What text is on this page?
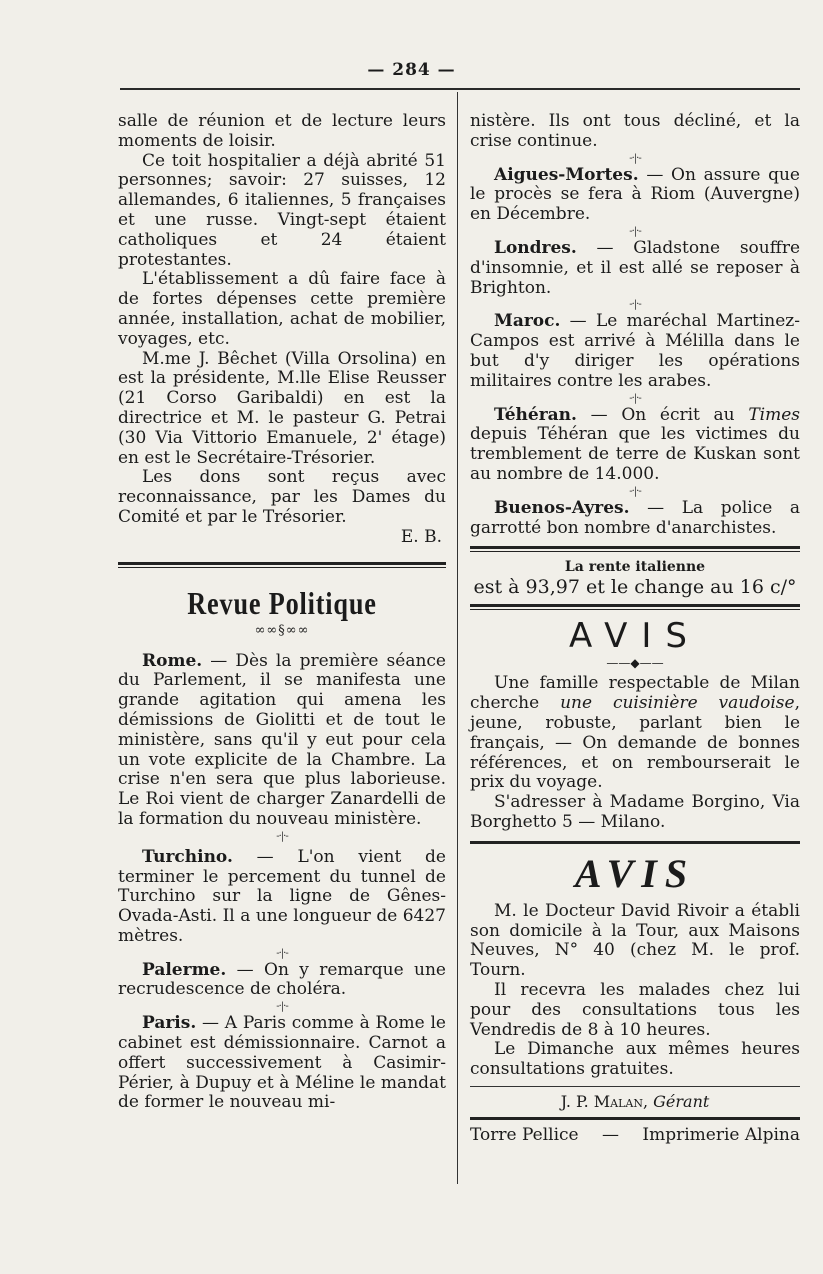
— 284 —

salle de réunion et de lecture leurs moments de loisir.

Ce toit hospitalier a déjà abrité 51 personnes; savoir: 27 suisses, 12 allemandes, 6 italiennes, 5 françaises et une russe. Vingt-sept étaient catholiques et 24 étaient protestantes.

L'établissement a dû faire face à de fortes dépenses cette première année, installation, achat de mobilier, voyages, etc.

M.me J. Bêchet (Villa Orsolina) en est la présidente, M.lle Elise Reusser (21 Corso Garibaldi) en est la directrice et M. le pasteur G. Petrai (30 Via Vittorio Emanuele, 2' étage) en est le Secrétaire-Trésorier.

Les dons sont reçus avec reconnaissance, par les Dames du Comité et par le Trésorier.

E. B.

Revue Politique
∞∞§∞∞

Rome. — Dès la première séance du Parlement, il se manifesta une grande agitation qui amena les démissions de Giolitti et de tout le ministère, sans qu'il y eut pour cela un vote explicite de la Chambre. La crise n'en sera que plus laborieuse. Le Roi vient de charger Zanardelli de la formation du nouveau ministère.

-·|·-

Turchino. — L'on vient de terminer le percement du tunnel de Turchino sur la ligne de Gênes-Ovada-Asti. Il a une longueur de 6427 mètres.

-·|·-

Palerme. — On y remarque une recrudescence de choléra.

-·|·-

Paris. — A Paris comme à Rome le cabinet est démissionnaire. Carnot a offert successivement à Casimir-Périer, à Dupuy et à Méline le mandat de former le nouveau mi-

nistère. Ils ont tous décliné, et la crise continue.

-·|·-

Aigues-Mortes. — On assure que le procès se fera à Riom (Auvergne) en Décembre.

-·|·-

Londres. — Gladstone souffre d'insomnie, et il est allé se reposer à Brighton.

-·|·-

Maroc. — Le maréchal Martinez-Campos est arrivé à Mélilla dans le but d'y diriger les opérations militaires contre les arabes.

-·|·-

Téhéran. — On écrit au Times depuis Téhéran que les victimes du tremblement de terre de Kuskan sont au nombre de 14.000.

-·|·-

Buenos-Ayres. — La police a garrotté bon nombre d'anarchistes.

La rente italienne
est à 93,97 et le change au 16 c/°
AVIS
——◆——

Une famille respectable de Milan cherche une cuisinière vaudoise, jeune, robuste, parlant bien le français, — On demande de bonnes références, et on rembourserait le prix du voyage.

S'adresser à Madame Borgino, Via Borghetto 5 — Milano.

AVIS

M. le Docteur David Rivoir a établi son domicile à la Tour, aux Maisons Neuves, N° 40 (chez M. le prof. Tourn.

Il recevra les malades chez lui pour des consultations tous les Vendredis de 8 à 10 heures.

Le Dimanche aux mêmes heures consultations gratuites.

J. P. Malan, Gérant
Torre Pellice — Imprimerie Alpina
